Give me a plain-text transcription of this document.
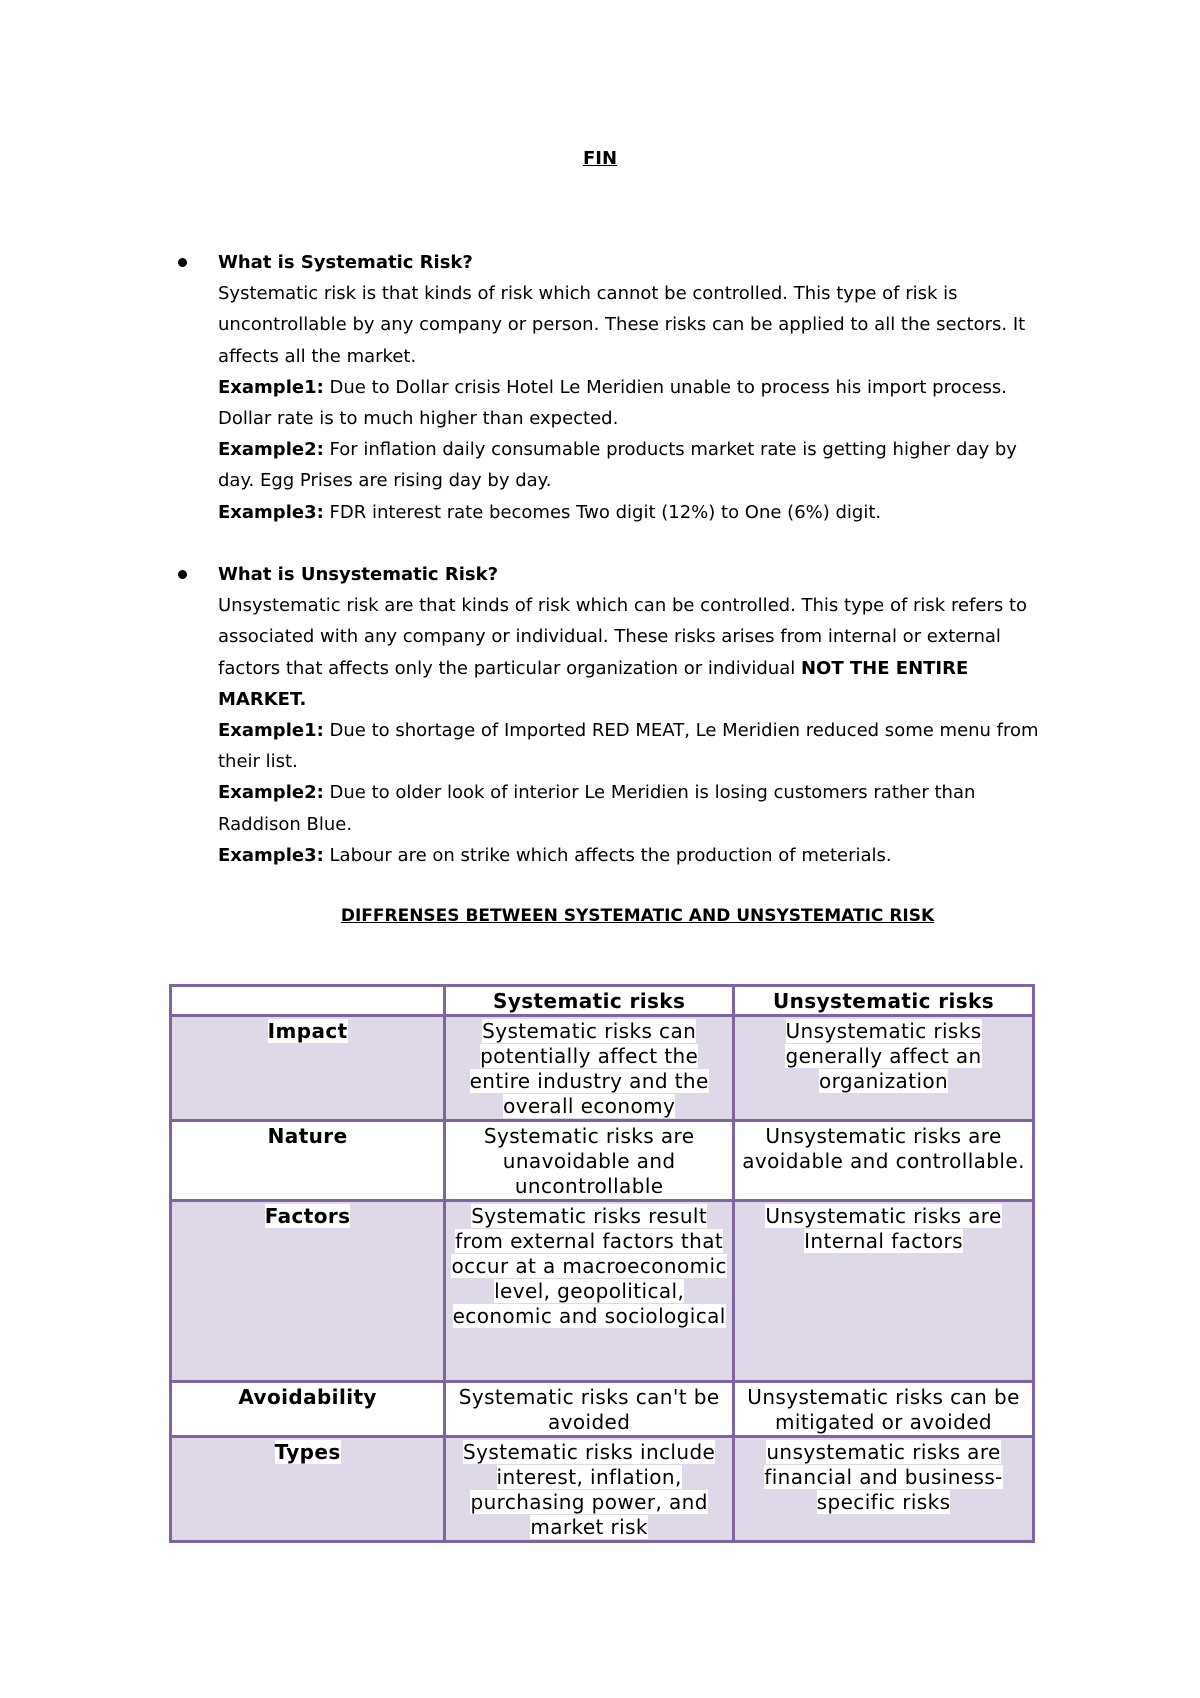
FIN

What is Systematic Risk?

Systematic risk is that kinds of risk which cannot be controlled. This type of risk is uncontrollable by any company or person. These risks can be applied to all the sectors. It affects all the market.

Example1: Due to Dollar crisis Hotel Le Meridien unable to process his import process. Dollar rate is to much higher than expected.

Example2: For inflation daily consumable products market rate is getting higher day by day. Egg Prises are rising day by day.

Example3: FDR interest rate becomes Two digit (12%) to One (6%) digit.

What is Unsystematic Risk?

Unsystematic risk are that kinds of risk which can be controlled. This type of risk refers to associated with any company or individual. These risks arises from internal or external factors that affects only the particular organization or individual NOT THE ENTIRE MARKET.

Example1: Due to shortage of Imported RED MEAT, Le Meridien reduced some menu from their list.

Example2: Due to older look of interior Le Meridien is losing customers rather than Raddison Blue.

Example3: Labour are on strike which affects the production of meterials.

DIFFRENSES BETWEEN SYSTEMATIC AND UNSYSTEMATIC RISK
	Systematic risks	Unsystematic risks
Impact	Systematic risks can potentially affect the entire industry and the overall economy	Unsystematic risks generally affect an organization
Nature	Systematic risks are unavoidable and uncontrollable	Unsystematic risks are avoidable and controllable.
Factors	Systematic risks result from external factors that occur at a macroeconomic level, geopolitical, economic and sociological	Unsystematic risks are Internal factors
Avoidability	Systematic risks can't be avoided	Unsystematic risks can be mitigated or avoided
Types	Systematic risks include interest, inflation, purchasing power, and market risk	unsystematic risks are financial and business-specific risks
